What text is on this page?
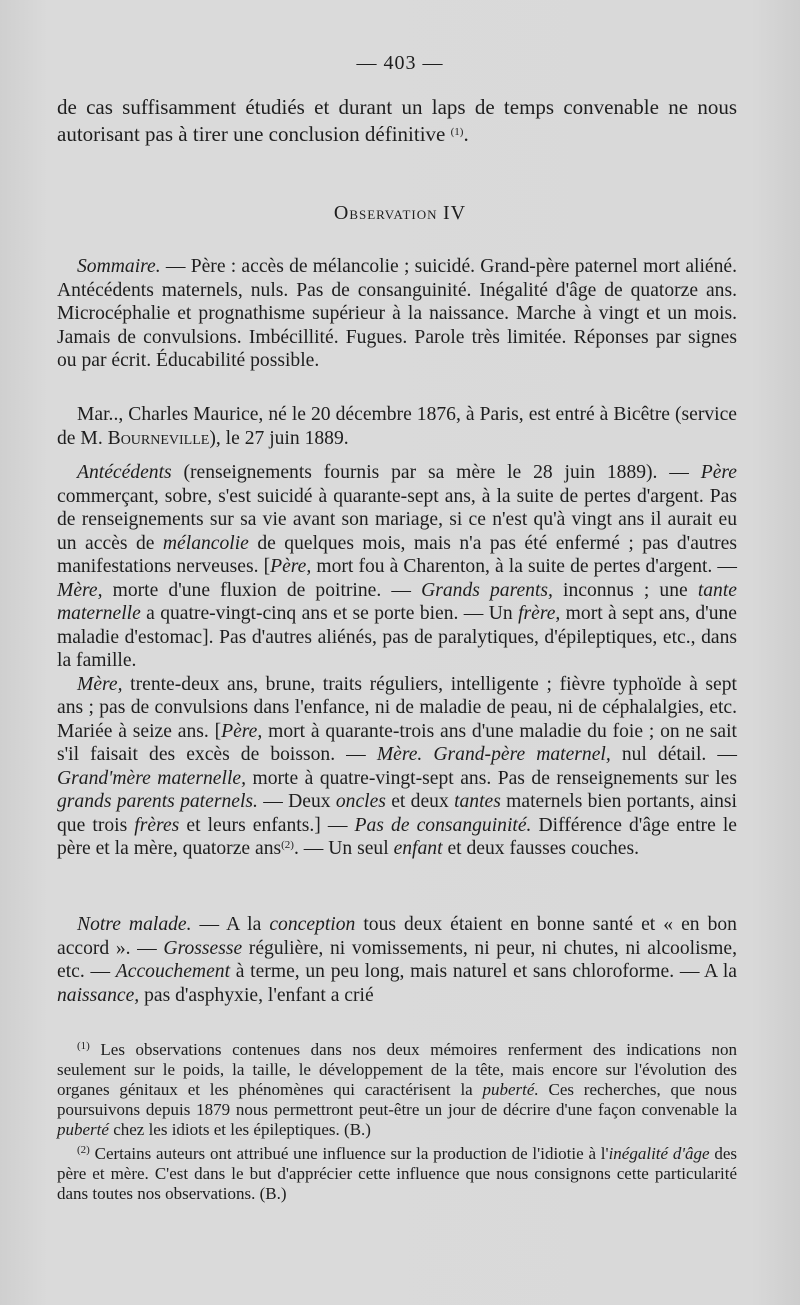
— 403 —
de cas suffisamment étudiés et durant un laps de temps convenable ne nous autorisant pas à tirer une conclusion définitive $^{(1)}$.
Observation IV
Sommaire. — Père : accès de mélancolie ; suicidé. Grand-père paternel mort aliéné. Antécédents maternels, nuls. Pas de consanguinité. Inégalité d'âge de quatorze ans. Microcéphalie et prognathisme supérieur à la naissance. Marche à vingt et un mois. Jamais de convulsions. Imbécillité. Fugues. Parole très limitée. Réponses par signes ou par écrit. Éducabilité possible.
Mar.., Charles Maurice, né le 20 décembre 1876, à Paris, est entré à Bicêtre (service de M. Bourneville), le 27 juin 1889.

Antécédents (renseignements fournis par sa mère le 28 juin 1889). — Père commerçant, sobre, s'est suicidé à quarante-sept ans, à la suite de pertes d'argent. Pas de renseignements sur sa vie avant son mariage, si ce n'est qu'à vingt ans il aurait eu un accès de mélancolie de quelques mois, mais n'a pas été enfermé ; pas d'autres manifestations nerveuses. [Père, mort fou à Charenton, à la suite de pertes d'argent. — Mère, morte d'une fluxion de poitrine. — Grands parents, inconnus ; une tante maternelle a quatre-vingt-cinq ans et se porte bien. — Un frère, mort à sept ans, d'une maladie d'estomac]. Pas d'autres aliénés, pas de paralytiques, d'épileptiques, etc., dans la famille.

Mère, trente-deux ans, brune, traits réguliers, intelligente ; fièvre typhoïde à sept ans ; pas de convulsions dans l'enfance, ni de maladie de peau, ni de céphalalgies, etc. Mariée à seize ans. [Père, mort à quarante-trois ans d'une maladie du foie ; on ne sait s'il faisait des excès de boisson. — Mère. Grand-père maternel, nul détail. — Grand'mère maternelle, morte à quatre-vingt-sept ans. Pas de renseignements sur les grands parents paternels. — Deux oncles et deux tantes maternels bien portants, ainsi que trois frères et leurs enfants.] — Pas de consanguinité. Différence d'âge entre le père et la mère, quatorze ans$^{(2)}$. — Un seul enfant et deux fausses couches.

Notre malade. — A la conception tous deux étaient en bonne santé et « en bon accord ». — Grossesse régulière, ni vomissements, ni peur, ni chutes, ni alcoolisme, etc. — Accouchement à terme, un peu long, mais naturel et sans chloroforme. — A la naissance, pas d'asphyxie, l'enfant a crié

$^{(1)}$ Les observations contenues dans nos deux mémoires renferment des indications non seulement sur le poids, la taille, le développement de la tête, mais encore sur l'évolution des organes génitaux et les phénomènes qui caractérisent la puberté. Ces recherches, que nous poursuivons depuis 1879 nous permettront peut-être un jour de décrire d'une façon convenable la puberté chez les idiots et les épileptiques. (B.)

$^{(2)}$ Certains auteurs ont attribué une influence sur la production de l'idiotie à l'inégalité d'âge des père et mère. C'est dans le but d'apprécier cette influence que nous consignons cette particularité dans toutes nos observations. (B.)
